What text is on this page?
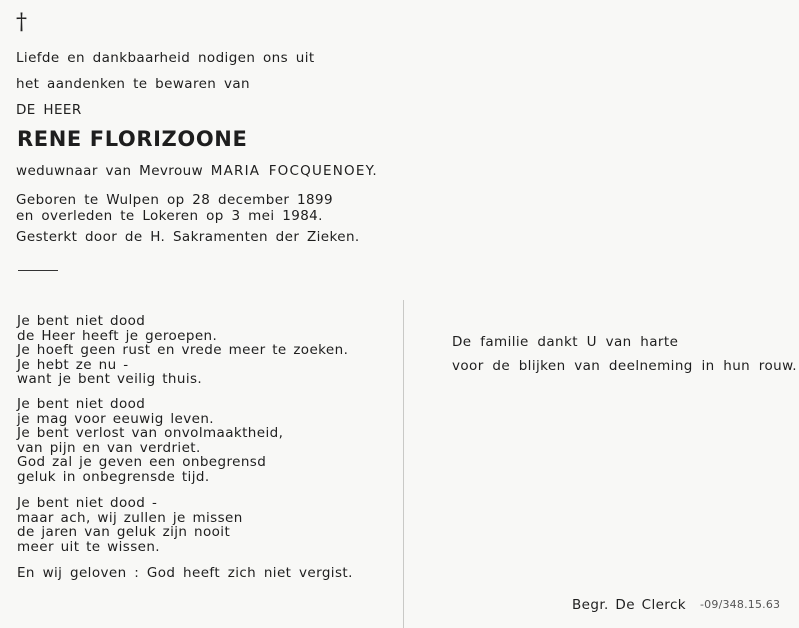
†
Liefde en dankbaarheid nodigen ons uit
het aandenken te bewaren van
DE HEER
RENE FLORIZOONE
weduwnaar van Mevrouw MARIA FOCQUENOEY.
Geboren te Wulpen op 28 december 1899
en overleden te Lokeren op 3 mei 1984.
Gesterkt door de H. Sakramenten der Zieken.
Je bent niet dood
de Heer heeft je geroepen.
Je hoeft geen rust en vrede meer te zoeken.
Je hebt ze nu -
want je bent veilig thuis.
Je bent niet dood
je mag voor eeuwig leven.
Je bent verlost van onvolmaaktheid,
van pijn en van verdriet.
God zal je geven een onbegrensd
geluk in onbegrensde tijd.
Je bent niet dood -
maar ach, wij zullen je missen
de jaren van geluk zijn nooit
meer uit te wissen.
En wij geloven : God heeft zich niet vergist.
De familie dankt U van harte
voor de blijken van deelneming in hun rouw.
Begr. De Clerck -09/348.15.63
